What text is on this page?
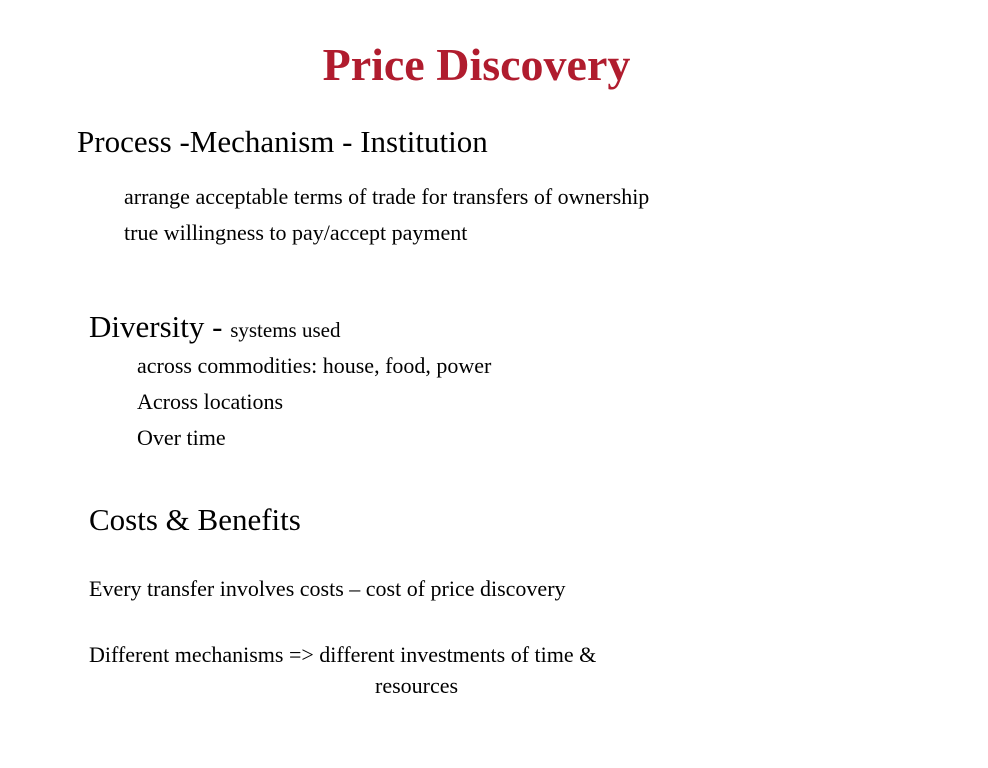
Price Discovery
Process -Mechanism - Institution
arrange acceptable terms of trade for transfers of ownership
true willingness to pay/accept payment
Diversity - systems used
across commodities: house, food, power
Across locations
Over time
Costs & Benefits
Every transfer involves costs – cost of price discovery
Different mechanisms => different investments of time &
resources
